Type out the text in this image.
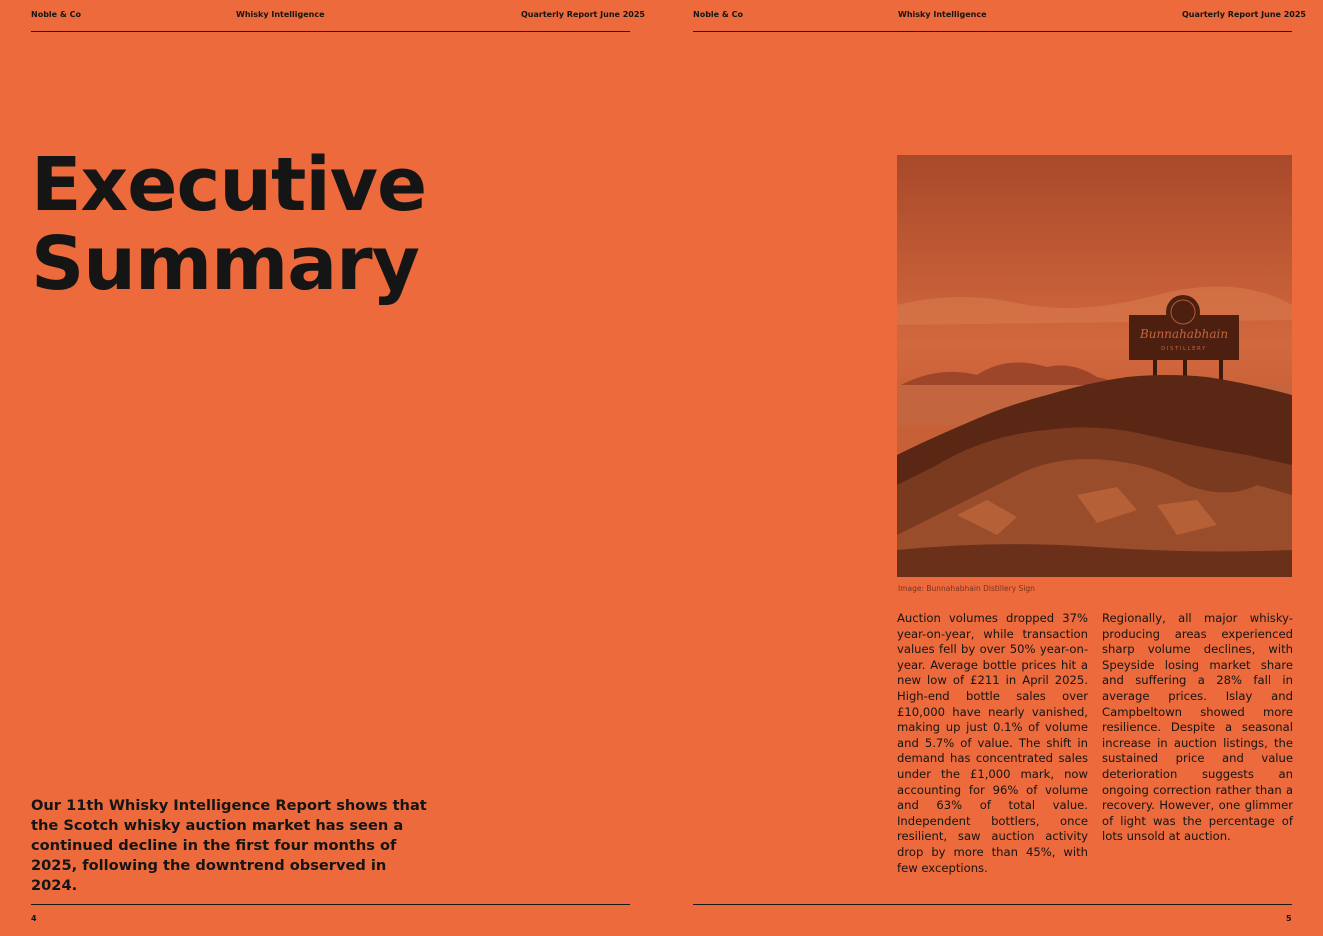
Noble & Co	Whisky Intelligence	Quarterly Report June 2025	Noble & Co	Whisky Intelligence	Quarterly Report June 2025
Executive
Summary

Our 11th Whisky Intelligence Report shows that the Scotch whisky auction market has seen a continued decline in the first four months of 2025, following the downtrend observed in 2024.

Bunnahabhain
DISTILLERY
Image: Bunnahabhain Distillery Sign

Auction volumes dropped 37% year-on-year, while transaction values fell by over 50% year-on-year. Average bottle prices hit a new low of £211 in April 2025. High-end bottle sales over £10,000 have nearly vanished, making up just 0.1% of volume and 5.7% of value. The shift in demand has concentrated sales under the £1,000 mark, now accounting for 96% of volume and 63% of total value. Independent bottlers, once resilient, saw auction activity drop by more than 45%, with few exceptions.

Regionally, all major whisky-producing areas experienced sharp volume declines, with Speyside losing market share and suffering a 28% fall in average prices. Islay and Campbeltown showed more resilience. Despite a seasonal increase in auction listings, the sustained price and value deterioration suggests an ongoing correction rather than a recovery. However, one glimmer of light was the percentage of lots unsold at auction.

4	5
